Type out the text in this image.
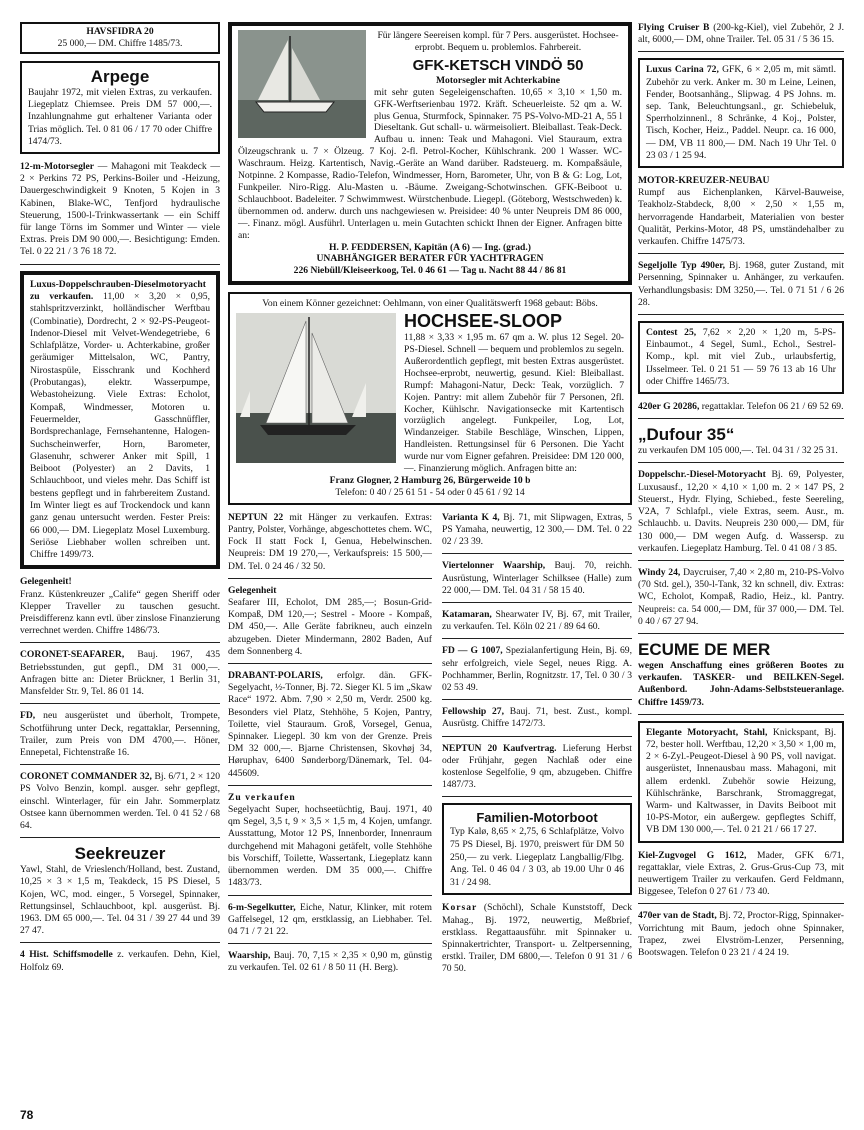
HAVSFIDRA 20
25 000,— DM. Chiffre 1485/73.
Arpege
Baujahr 1972, mit vielen Extras, zu verkaufen. Liegeplatz Chiemsee. Preis DM 57 000,—. Inzahlungnahme gut erhaltener Varianta oder Trias möglich. Tel. 0 81 06 / 17 70 oder Chiffre 1474/73.
12-m-Motorsegler — Mahagoni mit Teakdeck — 2 × Perkins 72 PS, Perkins-Boiler und -Heizung, Dauergeschwindigkeit 9 Knoten, 5 Kojen in 3 Kabinen, Blake-WC, Tenfjord hydraulische Steuerung, 1500-l-Trinkwassertank — ein Schiff für lange Törns im Sommer und Winter — viele Extras. Preis DM 90 000,—. Besichtigung: Emden. Tel. 0 22 21 / 3 76 18 72.
Luxus-Doppelschrauben-Dieselmotoryacht zu verkaufen. 11,00 × 3,20 × 0,95, stahlspritzverzinkt, holländischer Werftbau (Combinatie), Dordrecht, 2 × 92-PS-Peugeot-Indenor-Diesel mit Velvet-Wendegetriebe, 6 Schlafplätze, Vorder- u. Achterkabine, großer geräumiger Mittelsalon, WC, Pantry, Nirostaspüle, Eisschrank und Kochherd (Probutangas), elektr. Wasserpumpe, Webastoheizung. Viele Extras: Echolot, Kompaß, Windmesser, Motoren u. Feuermelder, Gasschnüffler, Bordsprechanlage, Fernsehantenne, Halogen-Suchscheinwerfer, Horn, Barometer, Glasenuhr, schwerer Anker mit Spill, 1 Beiboot (Polyester) an 2 Davits, 1 Schlauchboot, und vieles mehr. Das Schiff ist bestens gepflegt und in fahrbereitem Zustand. Im Winter liegt es auf Trockendock und kann ganz genau untersucht werden. Fester Preis: 66 000,— DM. Liegeplatz Mosel Luxemburg. Seriöse Liebhaber wollen schreiben unt. Chiffre 1499/73.
Gelegenheit!
Franz. Küstenkreuzer „Calife“ gegen Sheriff oder Klepper Traveller zu tauschen gesucht. Preisdifferenz kann evtl. über zinslose Finanzierung verrechnet werden. Chiffre 1486/73.
CORONET-SEAFARER, Bauj. 1967, 435 Betriebsstunden, gut gepfl., DM 31 000,—. Anfragen bitte an: Dieter Brückner, 1 Berlin 31, Mansfelder Str. 9, Tel. 86 01 14.
FD, neu ausgerüstet und überholt, Trompete, Schotführung unter Deck, regattaklar, Persenning, Trailer, zum Preis von DM 4700,—. Höner, Ennepetal, Fichtenstraße 16.
CORONET COMMANDER 32, Bj. 6/71, 2 × 120 PS Volvo Benzin, kompl. ausger. sehr gepflegt, einschl. Winterlager, für ein Jahr. Sommerplatz Ostsee kann übernommen werden. Tel. 0 41 52 / 68 64.
Seekreuzer
Yawl, Stahl, de Vrieslench/Holland, best. Zustand, 10,25 × 3 × 1,5 m, Teakdeck, 15 PS Diesel, 5 Kojen, WC, mod. einger., 5 Vorsegel, Spinnaker, Rettungsinsel, Schlauchboot, kpl. ausgerüst. Bj. 1963. DM 65 000,—. Tel. 04 31 / 39 27 44 und 39 27 47.
4 Hist. Schiffsmodelle z. verkaufen. Dehn, Kiel, Holfolz 69.
Für längere Seereisen kompl. für 7 Pers. ausgerüstet. Hochsee-erprobt. Bequem u. problemlos. Fahrbereit.
GFK-KETSCH VINDÖ 50
Motorsegler mit Achterkabine
mit sehr guten Segeleigenschaften. 10,65 × 3,10 × 1,50 m. GFK-Werftserienbau 1972. Kräft. Scheuerleiste. 52 qm a. W. plus Genua, Sturmfock, Spinnaker. 75 PS-Volvo-MD-21 A, 55 l Dieseltank. Gut schall- u. wärmeisoliert. Bleiballast. Teak-Deck. Aufbau u. innen: Teak und Mahagoni. Viel Stauraum, extra Ölzeugschrank u. 7 × Ölzeug. 7 Koj. 2-fl. Petrol-Kocher, Kühlschrank. 200 l Wasser. WC-Waschraum. Heizg. Kartentisch, Navig.-Geräte an Wand darüber. Radsteuerg. m. Kompaßsäule, Notpinne. 2 Kompasse, Radio-Telefon, Windmesser, Horn, Barometer, Uhr, von B & G: Log, Lot, Funkpeiler. Niro-Rigg. Alu-Masten u. -Bäume. Zweigang-Schotwinschen. GFK-Beiboot u. Schlauchboot. Badeleiter. 7 Schwimmwest. Würstchenbude. Liegepl. (Göteborg, Westschweden) k. übernommen od. anderw. durch uns nachgewiesen w. Preisidee: 40 % unter Neupreis DM 86 000,—. Finanz. mögl. Ausführl. Unterlagen u. mein Gutachten schickt Ihnen der Eigner. Anfragen bitte an:
H. P. FEDDERSEN, Kapitän (A 6) — Ing. (grad.)
UNABHÄNGIGER BERATER FÜR YACHTFRAGEN
226 Niebüll/Kleiseerkoog, Tel. 0 46 61 — Tag u. Nacht 88 44 / 86 81
Von einem Könner gezeichnet: Oehlmann, von einer Qualitätswerft 1968 gebaut: Böbs.
HOCHSEE-SLOOP
11,88 × 3,33 × 1,95 m. 67 qm a. W. plus 12 Segel. 20-PS-Diesel. Schnell — bequem und problemlos zu segeln. Außerordentlich gepflegt, mit besten Extras ausgerüstet. Hochsee-erprobt, neuwertig, gesund. Kiel: Bleiballast. Rumpf: Mahagoni-Natur, Deck: Teak, vorzüglich. 7 Kojen. Pantry: mit allem Zubehör für 7 Personen, 2fl. Kocher, Kühlschr. Navigationsecke mit Kartentisch vorzüglich angelegt. Funkpeiler, Log, Lot, Windanzeiger. Stabile Beschläge, Winschen, Lippen, Handleisten. Rettungsinsel für 6 Personen. Die Yacht wurde nur vom Eigner gefahren. Preisidee: DM 120 000,—. Finanzierung möglich. Anfragen bitte an:
Franz Glogner, 2 Hamburg 26, Bürgerweide 10 b
Telefon: 0 40 / 25 61 51 - 54 oder 0 45 61 / 92 14
NEPTUN 22 mit Hänger zu verkaufen. Extras: Pantry, Polster, Vorhänge, abgeschottetes chem. WC, Fock II statt Fock I, Genua, Hebelwinschen. Neupreis: DM 19 270,—, Verkaufspreis: 15 500,— DM. Tel. 0 24 46 / 32 50.
Gelegenheit
Seafarer III, Echolot, DM 285,—; Bosun-Grid-Kompaß, DM 120,—; Sestrel - Moore - Kompaß, DM 450,—. Alle Geräte fabrikneu, auch einzeln abzugeben. Dieter Mindermann, 2802 Baden, Auf dem Sonnenberg 4.
DRABANT-POLARIS, erfolgr. dän. GFK-Segelyacht, ½-Tonner, Bj. 72. Sieger Kl. 5 im „Skaw Race“ 1972. Abm. 7,90 × 2,50 m, Verdr. 2500 kg. Besonders viel Platz, Stehhöhe, 5 Kojen, Pantry, Toilette, viel Stauraum. Groß, Vorsegel, Genua, Spinnaker. Liegepl. 30 km von der Grenze. Preis DM 32 000,—. Bjarne Christensen, Skovhøj 34, Høruphav, 6400 Sønderborg/Dänemark, Tel. 04-445609.
Zu verkaufen
Segelyacht Super, hochseetüchtig, Bauj. 1971, 40 qm Segel, 3,5 t, 9 × 3,5 × 1,5 m, 4 Kojen, umfangr. Ausstattung, Motor 12 PS, Innenborder, Innenraum durchgehend mit Mahagoni getäfelt, volle Stehhöhe bis Vorschiff, Toilette, Wassertank, Liegeplatz kann übernommen werden. DM 35 000,—. Chiffre 1483/73.
6-m-Segelkutter, Eiche, Natur, Klinker, mit rotem Gaffelsegel, 12 qm, erstklassig, an Liebhaber. Tel. 04 71 / 7 21 22.
Waarship, Bauj. 70, 7,15 × 2,35 × 0,90 m, günstig zu verkaufen. Tel. 02 61 / 8 50 11 (H. Berg).
Varianta K 4, Bj. 71, mit Slipwagen, Extras, 5 PS Yamaha, neuwertig, 12 300,— DM. Tel. 0 22 02 / 23 39.
Viertelonner Waarship, Bauj. 70, reichh. Ausrüstung, Winterlager Schilksee (Halle) zum 22 000,— DM. Tel. 04 31 / 58 15 40.
Katamaran, Shearwater IV, Bj. 67, mit Trailer, zu verkaufen. Tel. Köln 02 21 / 89 64 60.
FD — G 1007, Spezialanfertigung Hein, Bj. 69, sehr erfolgreich, viele Segel, neues Rigg. A. Pochhammer, Berlin, Rognitzstr. 17, Tel. 0 30 / 3 02 53 49.
Fellowship 27, Bauj. 71, best. Zust., kompl. Ausrüstg. Chiffre 1472/73.
NEPTUN 20 Kaufvertrag. Lieferung Herbst oder Frühjahr, gegen Nachlaß oder eine kostenlose Segelfolie, 9 qm, abzugeben. Chiffre 1487/73.
Familien-Motorboot
Typ Kalø, 8,65 × 2,75, 6 Schlafplätze, Volvo 75 PS Diesel, Bj. 1970, preiswert für DM 50 250,— zu verk. Liegeplatz Langballig/Flbg. Ang. Tel. 0 46 04 / 3 03, ab 19.00 Uhr 0 46 31 / 24 98.
Korsar (Schöchl), Schale Kunststoff, Deck Mahag., Bj. 1972, neuwertig, Meßbrief, erstklass. Regattaausführ. mit Spinnaker u. Spinnakertrichter, Transport- u. Zeltpersenning, erstkl. Trailer, DM 6800,—. Telefon 0 91 31 / 6 70 50.
Flying Cruiser B (200-kg-Kiel), viel Zubehör, 2 J. alt, 6000,— DM, ohne Trailer. Tel. 05 31 / 5 36 15.
Luxus Carina 72, GFK, 6 × 2,05 m, mit sämtl. Zubehör zu verk. Anker m. 30 m Leine, Leinen, Fender, Bootsanhäng., Slipwag. 4 PS Johns. m. sep. Tank, Beleuchtungsanl., gr. Schiebeluk, Sperrholzinnenl., 8 Schränke, 4 Koj., Polster, Tisch, Kocher, Heiz., Paddel. Neupr. ca. 16 000,— DM, VB 11 800,— DM. Nach 19 Uhr Tel. 0 23 03 / 1 25 94.
MOTOR-KREUZER-NEUBAU
Rumpf aus Eichenplanken, Kärvel-Bauweise, Teakholz-Stabdeck, 8,00 × 2,50 × 1,55 m, hervorragende Handarbeit, Materialien von bester Qualität, Perkins-Motor, 48 PS, umständehalber zu verkaufen. Chiffre 1475/73.
Segeljolle Typ 490er, Bj. 1968, guter Zustand, mit Persenning, Spinnaker u. Anhänger, zu verkaufen. Verhandlungsbasis: DM 3250,—. Tel. 0 71 51 / 6 26 28.
Contest 25, 7,62 × 2,20 × 1,20 m, 5-PS-Einbaumot., 4 Segel, Suml., Echol., Sestrel-Komp., kpl. mit viel Zub., urlaubsfertig, IJsselmeer. Tel. 0 21 51 — 59 76 13 ab 16 Uhr oder Chiffre 1465/73.
420er G 20286, regattaklar. Telefon 06 21 / 69 52 69.
„Dufour 35“
zu verkaufen DM 105 000,—. Tel. 04 31 / 32 25 31.
Doppelschr.-Diesel-Motoryacht Bj. 69, Polyester, Luxusausf., 12,20 × 4,10 × 1,00 m. 2 × 147 PS, 2 Steuerst., Hydr. Flying, Schiebed., feste Seereling, V2A, 7 Schlafpl., viele Extras, seem. Ausr., m. Schlauchb. u. Davits. Neupreis 230 000,— DM, für 130 000,— DM wegen Aufg. d. Wassersp. zu verkaufen. Liegeplatz Hamburg. Tel. 0 41 08 / 3 85.
Windy 24, Daycruiser, 7,40 × 2,80 m, 210-PS-Volvo (70 Std. gel.), 350-l-Tank, 32 kn schnell, div. Extras: WC, Echolot, Kompaß, Radio, Heiz., kl. Pantry. Neupreis: ca. 54 000,— DM, für 37 000,— DM. Tel. 0 40 / 67 27 94.
ECUME DE MER
wegen Anschaffung eines größeren Bootes zu verkaufen. TASKER- und BEILKEN-Segel. Außenbord. John-Adams-Selbststeueranlage. Chiffre 1459/73.
Elegante Motoryacht, Stahl, Knickspant, Bj. 72, bester holl. Werftbau, 12,20 × 3,50 × 1,00 m, 2 × 6-Zyl.-Peugeot-Diesel à 90 PS, voll navigat. ausgerüstet, Innenausbau mass. Mahagoni, mit allem erdenkl. Zubehör sowie Heizung, Kühlschränke, Barschrank, Stromaggregat, Warm- und Kaltwasser, in Davits Beiboot mit 10-PS-Motor, ein außergew. gepflegtes Schiff, VB DM 130 000,—. Tel. 0 21 21 / 66 17 27.
Kiel-Zugvogel G 1612, Mader, GFK 6/71, regattaklar, viele Extras, 2. Grus-Grus-Cup 73, mit neuwertigem Trailer zu verkaufen. Gerd Feldmann, Biggesee, Telefon 0 27 61 / 73 40.
470er van de Stadt, Bj. 72, Proctor-Rigg, Spinnaker-Vorrichtung mit Baum, jedoch ohne Spinnaker, Trapez, zwei Elvström-Lenzer, Persenning, Bootswagen. Telefon 0 23 21 / 4 24 19.
78
